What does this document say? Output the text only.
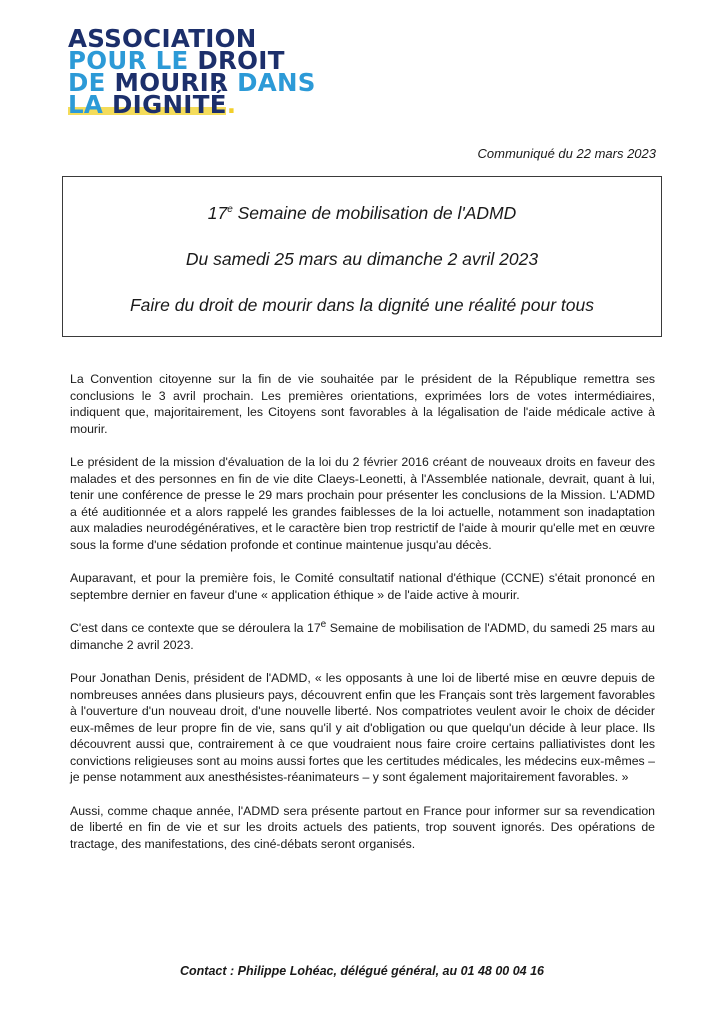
ASSOCIATION
POUR LE DROIT
DE MOURIR DANS
LA DIGNITÉ.
Communiqué du 22 mars 2023
17e Semaine de mobilisation de l'ADMD
Du samedi 25 mars au dimanche 2 avril 2023
Faire du droit de mourir dans la dignité une réalité pour tous

La Convention citoyenne sur la fin de vie souhaitée par le président de la République remettra ses conclusions le 3 avril prochain. Les premières orientations, exprimées lors de votes intermédiaires, indiquent que, majoritairement, les Citoyens sont favorables à la légalisation de l'aide médicale active à mourir.

Le président de la mission d'évaluation de la loi du 2 février 2016 créant de nouveaux droits en faveur des malades et des personnes en fin de vie dite Claeys-Leonetti, à l'Assemblée nationale, devrait, quant à lui, tenir une conférence de presse le 29 mars prochain pour présenter les conclusions de la Mission. L'ADMD a été auditionnée et a alors rappelé les grandes faiblesses de la loi actuelle, notamment son inadaptation aux maladies neurodégénératives, et le caractère bien trop restrictif de l'aide à mourir qu'elle met en œuvre sous la forme d'une sédation profonde et continue maintenue jusqu'au décès.

Auparavant, et pour la première fois, le Comité consultatif national d'éthique (CCNE) s'était prononcé en septembre dernier en faveur d'une « application éthique » de l'aide active à mourir.

C'est dans ce contexte que se déroulera la 17e Semaine de mobilisation de l'ADMD, du samedi 25 mars au dimanche 2 avril 2023.

Pour Jonathan Denis, président de l'ADMD, « les opposants à une loi de liberté mise en œuvre depuis de nombreuses années dans plusieurs pays, découvrent enfin que les Français sont très largement favorables à l'ouverture d'un nouveau droit, d'une nouvelle liberté. Nos compatriotes veulent avoir le choix de décider eux-mêmes de leur propre fin de vie, sans qu'il y ait d'obligation ou que quelqu'un décide à leur place. Ils découvrent aussi que, contrairement à ce que voudraient nous faire croire certains palliativistes dont les convictions religieuses sont au moins aussi fortes que les certitudes médicales, les médecins eux-mêmes – je pense notamment aux anesthésistes-réanimateurs – y sont également majoritairement favorables. »

Aussi, comme chaque année, l'ADMD sera présente partout en France pour informer sur sa revendication de liberté en fin de vie et sur les droits actuels des patients, trop souvent ignorés. Des opérations de tractage, des manifestations, des ciné-débats seront organisés.

Contact : Philippe Lohéac, délégué général, au 01 48 00 04 16
